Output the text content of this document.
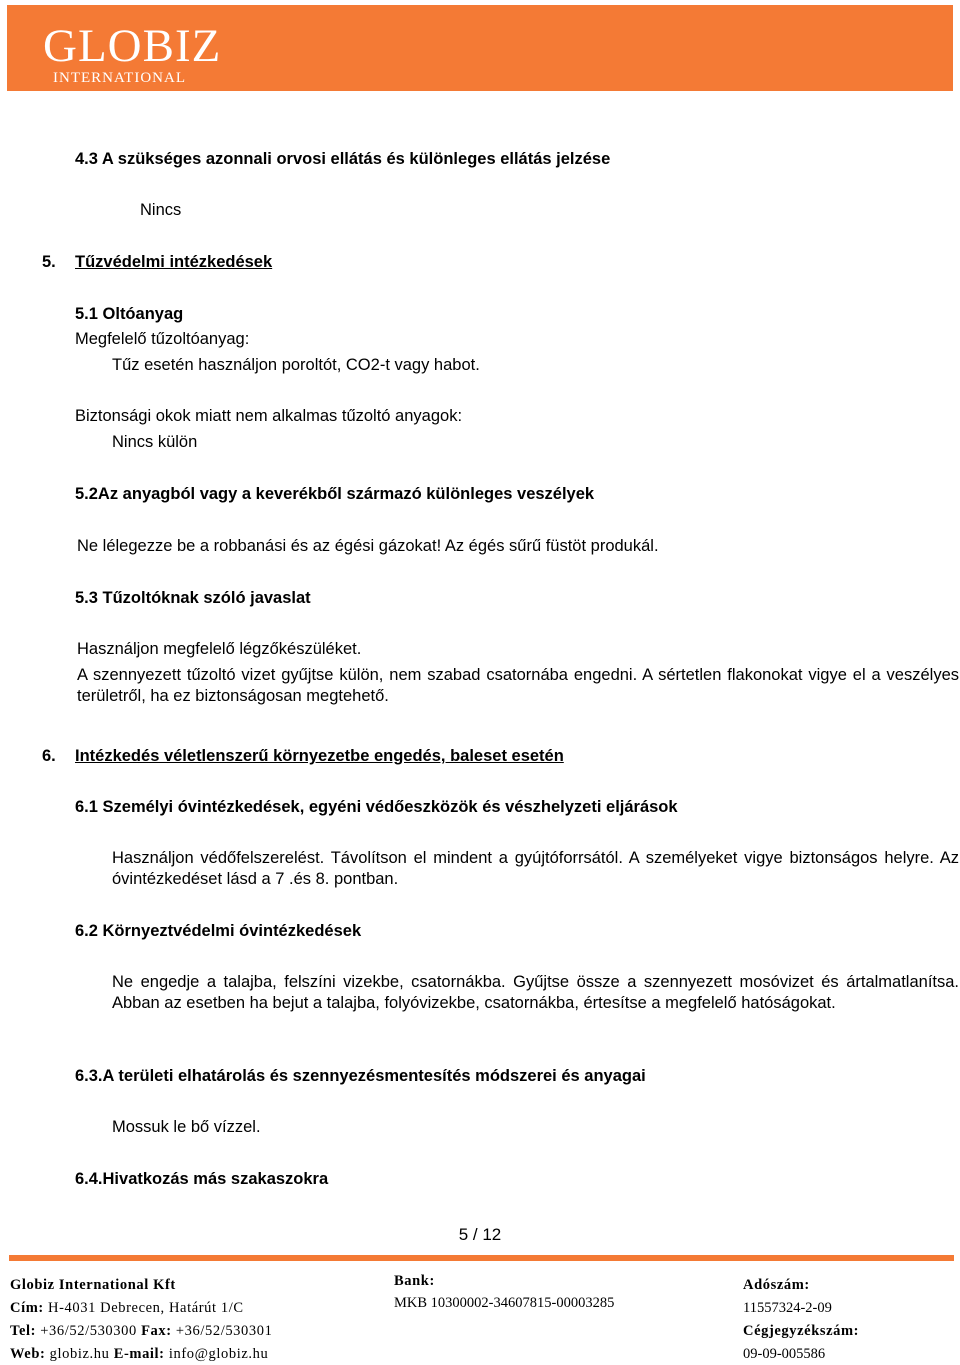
GLOBIZ
INTERNATIONAL
4.3 A szükséges azonnali orvosi ellátás és különleges ellátás jelzése
Nincs
5. Tűzvédelmi intézkedések
5.1 Oltóanyag
Megfelelő tűzoltóanyag:
Tűz esetén használjon poroltót, CO2-t vagy habot.
Biztonsági okok miatt nem alkalmas tűzoltó anyagok:
Nincs külön
5.2Az anyagból vagy a keverékből származó különleges veszélyek
Ne lélegezze be a robbanási és az égési gázokat! Az égés sűrű füstöt produkál.
5.3 Tűzoltóknak szóló javaslat
Használjon megfelelő légzőkészüléket.
A szennyezett tűzoltó vizet gyűjtse külön, nem szabad csatornába engedni. A sértetlen flakonokat vigye el a veszélyes területről, ha ez biztonságosan megtehető.
6. Intézkedés véletlenszerű környezetbe engedés, baleset esetén
6.1 Személyi óvintézkedések, egyéni védőeszközök és vészhelyzeti eljárások
Használjon védőfelszerelést. Távolítson el mindent a gyújtóforrsától. A személyeket vigye biztonságos helyre. Az óvintézkedéset lásd a 7 .és 8. pontban.
6.2 Környeztvédelmi óvintézkedések
Ne engedje a talajba, felszíni vizekbe, csatornákba. Gyűjtse össze a szennyezett mosóvizet és ártalmatlanítsa. Abban az esetben ha bejut a talajba, folyóvizekbe, csatornákba, értesítse a megfelelő hatóságokat.
6.3.A területi elhatárolás és szennyezésmentesítés módszerei és anyagai
Mossuk le bő vízzel.
6.4.Hivatkozás más szakaszokra
5 / 12
Globiz International Kft
Cím: H-4031 Debrecen, Határút 1/C
Tel: +36/52/530300 Fax: +36/52/530301
Web: globiz.hu E-mail: info@globiz.hu
Bank:
MKB 10300002-34607815-00003285
Adószám:
11557324-2-09
Cégjegyzékszám:
09-09-005586
